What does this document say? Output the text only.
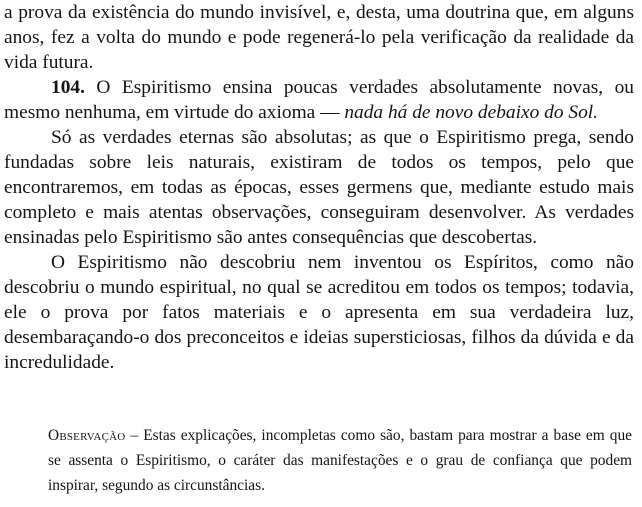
a prova da existência do mundo invisível, e, desta, uma doutrina que, em alguns anos, fez a volta do mundo e pode regenerá-lo pela verificação da realidade da vida futura.

104. O Espiritismo ensina poucas verdades absolutamente novas, ou mesmo nenhuma, em virtude do axioma — nada há de novo debaixo do Sol.

Só as verdades eternas são absolutas; as que o Espiritismo prega, sendo fundadas sobre leis naturais, existiram de todos os tempos, pelo que encontraremos, em todas as épocas, esses germens que, mediante estudo mais completo e mais atentas observações, conseguiram desenvolver. As verdades ensinadas pelo Espiritismo são antes consequências que descobertas.

O Espiritismo não descobriu nem inventou os Espíritos, como não descobriu o mundo espiritual, no qual se acreditou em todos os tempos; todavia, ele o prova por fatos materiais e o apresenta em sua verdadeira luz, desembaraçando-o dos preconceitos e ideias supersticiosas, filhos da dúvida e da incredulidade.

Observação – Estas explicações, incompletas como são, bastam para mostrar a base em que se assenta o Espiritismo, o caráter das manifestações e o grau de confiança que podem inspirar, segundo as circunstâncias.
